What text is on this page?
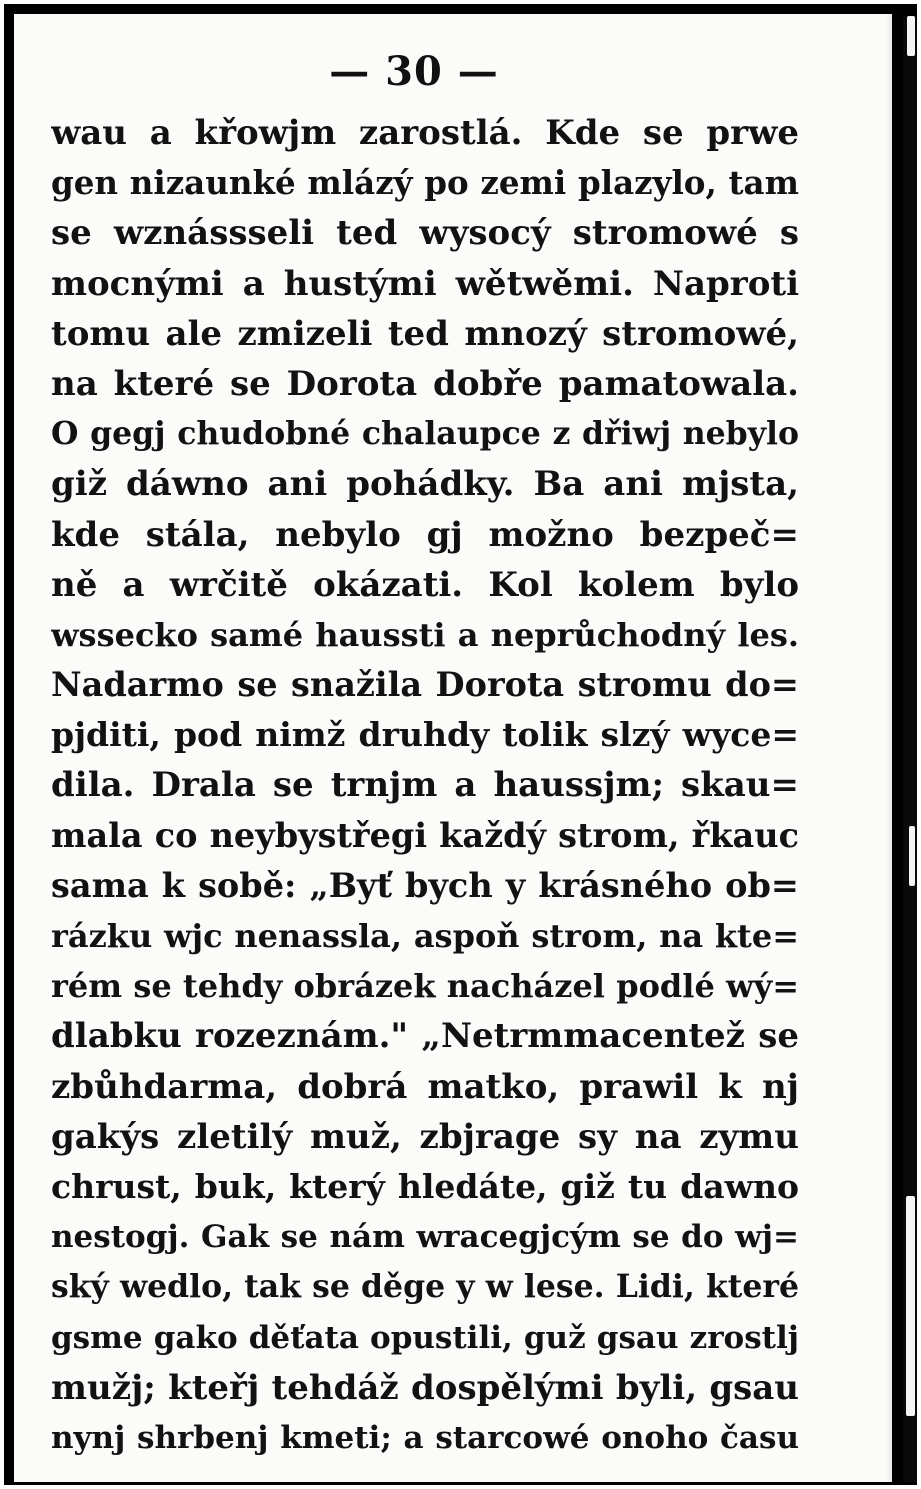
— 30 —
wau a křowjm zarostlá. Kde se prwe
gen nizaunké mlázý po zemi plazylo, tam
se wznássseli ted wysocý stromowé s
mocnými a hustými wětwěmi. Naproti
tomu ale zmizeli ted mnozý stromowé,
na které se Dorota dobře pamatowala.
O gegj chudobné chalaupce z dřiwj nebylo
giž dáwno ani pohádky. Ba ani mjsta,
kde stála, nebylo gj možno bezpeč=
ně a wrčitě okázati. Kol kolem bylo
wssecko samé haussti a neprůchodný les.
Nadarmo se snažila Dorota stromu do=
pjditi, pod nimž druhdy tolik slzý wyce=
dila. Drala se trnjm a haussjm; skau=
mala co neybystřegi každý strom, řkauc
sama k sobě: „Byť bych y krásného ob=
rázku wjc nenassla, aspoň strom, na kte=
rém se tehdy obrázek nacházel podlé wý=
dlabku rozeznám." „Netrmmacentež se
zbůhdarma, dobrá matko, prawil k nj
gakýs zletilý muž, zbjrage sy na zymu
chrust, buk, který hledáte, giž tu dawno
nestogj. Gak se nám wracegjcým se do wj=
ský wedlo, tak se děge y w lese. Lidi, které
gsme gako děťata opustili, guž gsau zrostlj
mužj; kteřj tehdáž dospělými byli, gsau
nynj shrbenj kmeti; a starcowé onoho času
